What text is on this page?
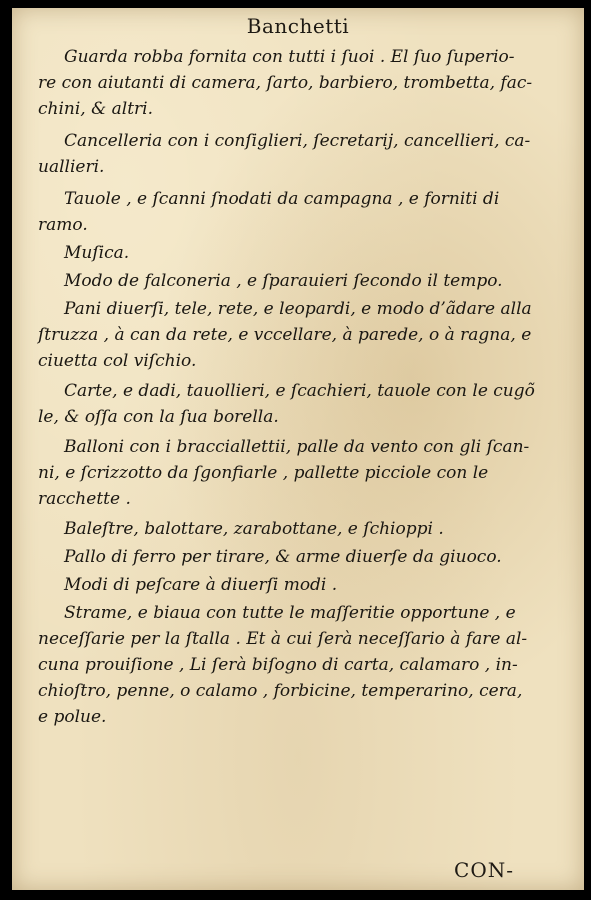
Banchetti
Guarda robba fornita con tutti i ſuoi . El ſuo ſuperio-
re con aiutanti di camera, ſarto, barbiero, trombetta, fac-
chini, & altri.
Cancelleria con i conſiglieri, ſecretarij, cancellieri, ca-
uallieri.
Tauole , e ſcanni ſnodati da campagna , e forniti di
ramo.
Muſica.
Modo de falconeria , e ſparauieri ſecondo il tempo.
Pani diuerſi, tele, rete, e leopardi, e modo d’ãdare alla
ſtruzza , à can da rete, e vccellare, à parede, o à ragna, e
ciuetta col viſchio.
Carte, e dadi, tauollieri, e ſcachieri, tauole con le cugõ
le, & oſſa con la ſua borella.
Balloni con i bracciallettii, palle da vento con gli ſcan-
ni, e ſcrizzotto da ſgonfiarle , pallette picciole con le
racchette .
Baleſtre, balottare, zarabottane, e ſchioppi .
Pallo di ferro per tirare, & arme diuerſe da giuoco.
Modi di peſcare à diuerſi modi .
Strame, e biaua con tutte le maſſeritie opportune , e
neceſſarie per la ſtalla . Et à cui ſerà neceſſario à fare al-
cuna prouiſione , Li ſerà biſogno di carta, calamaro , in-
chioſtro, penne, o calamo , forbicine, temperarino, cera,
e polue.
CON-
